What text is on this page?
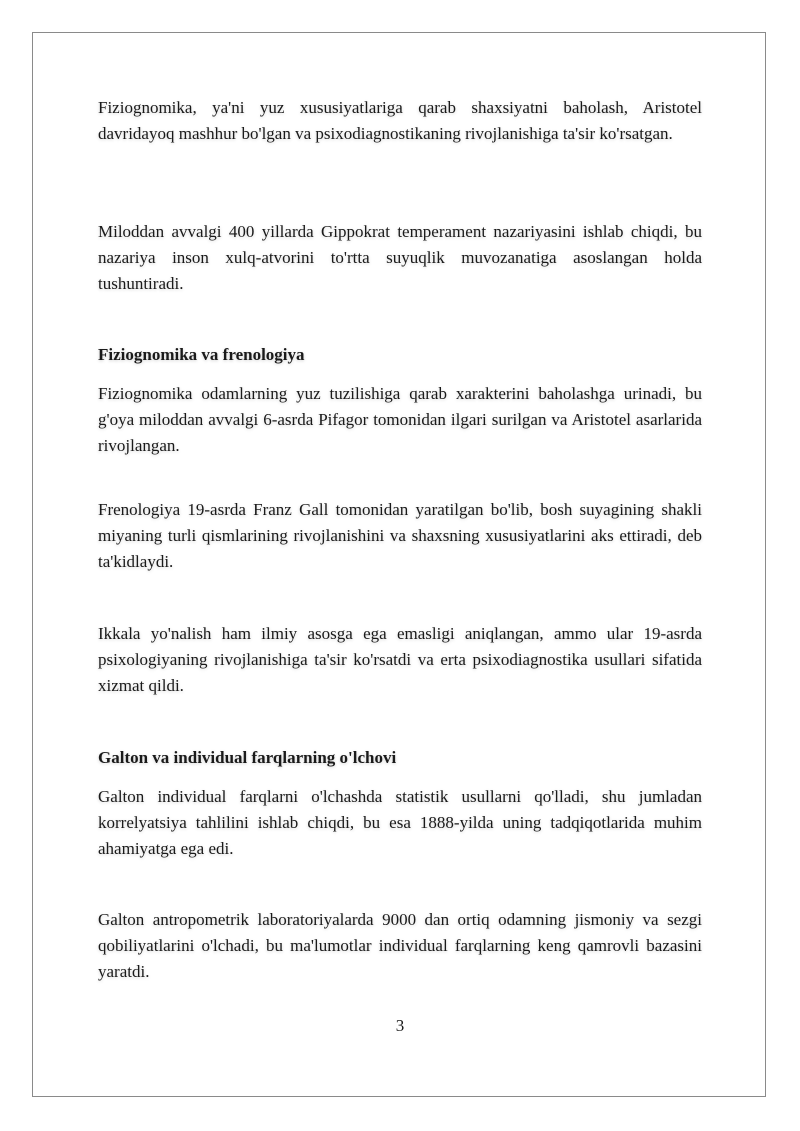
Fiziognomika, ya'ni yuz xususiyatlariga qarab shaxsiyatni baholash, Aristotel davridayoq mashhur bo'lgan va psixodiagnostikaning rivojlanishiga ta'sir ko'rsatgan.

Miloddan avvalgi 400 yillarda Gippokrat temperament nazariyasini ishlab chiqdi, bu nazariya inson xulq-atvorini to'rtta suyuqlik muvozanatiga asoslangan holda tushuntiradi.

Fiziognomika va frenologiya

Fiziognomika odamlarning yuz tuzilishiga qarab xarakterini baholashga urinadi, bu g'oya miloddan avvalgi 6-asrda Pifagor tomonidan ilgari surilgan va Aristotel asarlarida rivojlangan.

Frenologiya 19-asrda Franz Gall tomonidan yaratilgan bo'lib, bosh suyagining shakli miyaning turli qismlarining rivojlanishini va shaxsning xususiyatlarini aks ettiradi, deb ta'kidlaydi.

Ikkala yo'nalish ham ilmiy asosga ega emasligi aniqlangan, ammo ular 19-asrda psixologiyaning rivojlanishiga ta'sir ko'rsatdi va erta psixodiagnostika usullari sifatida xizmat qildi.

Galton va individual farqlarning o'lchovi

Galton individual farqlarni o'lchashda statistik usullarni qo'lladi, shu jumladan korrelyatsiya tahlilini ishlab chiqdi, bu esa 1888-yilda uning tadqiqotlarida muhim ahamiyatga ega edi.

Galton antropometrik laboratoriyalarda 9000 dan ortiq odamning jismoniy va sezgi qobiliyatlarini o'lchadi, bu ma'lumotlar individual farqlarning keng qamrovli bazasini yaratdi.

3
